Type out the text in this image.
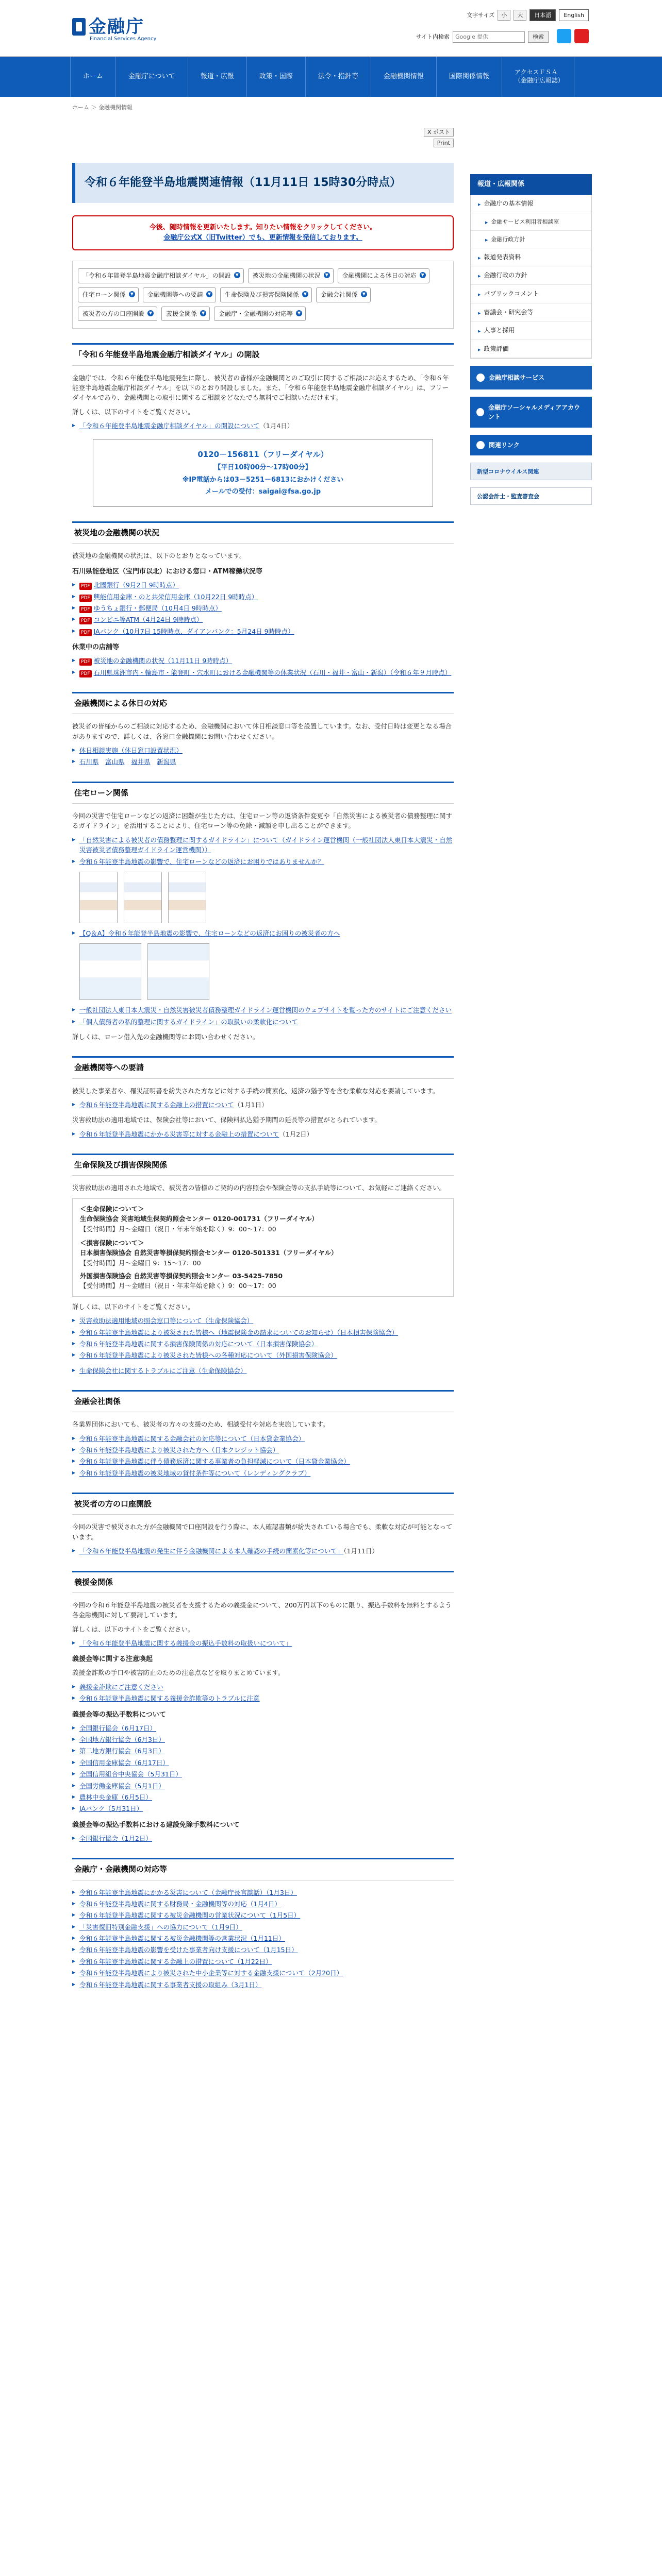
金融庁
Financial Services Agency
文字サイズ	小	大	日本語	English
サイト内検索
Google 提供	検索
ホーム	金融庁について	報道・広報	政策・国際	法令・指針等	金融機関情報	国際関係情報
アクセスＦＳＡ（金融庁広報誌）
ホーム ＞ 金融機関情報
X ポスト
Print
令和６年能登半島地震関連情報（11月11日 15時30分時点）
今後、随時情報を更新いたします。知りたい情報をクリックしてください。
金融庁公式X（旧Twitter）でも、更新情報を発信しております。
「令和６年能登半島地震金融庁相談ダイヤル」の開設 ▼	被災地の金融機関の状況 ▼	金融機関による休日の対応 ▼
住宅ローン関係 ▼	金融機関等への要請 ▼	生命保険及び損害保険関係 ▼	金融会社関係 ▼
被災者の方の口座開設 ▼	義援金関係 ▼	金融庁・金融機関の対応等 ▼
「令和６年能登半島地震金融庁相談ダイヤル」の開設

金融庁では、令和６年能登半島地震発生に際し、被災者の皆様が金融機関とのご取引に関するご相談にお応えするため、「令和６年能登半島地震金融庁相談ダイヤル」を以下のとおり開設しました。また、「令和６年能登半島地震金融庁相談ダイヤル」は、フリーダイヤルであり、金融機関との取引に関するご相談をどなたでも無料でご相談いただけます。

詳しくは、以下のサイトをご覧ください。

▶ 「令和６年能登半島地震金融庁相談ダイヤル」の開設について（1月4日）
0120－156811（フリーダイヤル）
【平日10時00分～17時00分】
※IP電話からは03－5251－6813におかけください
メールでの受付：saigai@fsa.go.jp
被災地の金融機関の状況

被災地の金融機関の状況は、以下のとおりとなっています。

石川県能登地区（宝門市以北）における窓口・ATM稼働状況等
▶ PDF 北國銀行（9月2日 9時時点）
▶ PDF 興能信用金庫・のと共栄信用金庫（10月22日 9時時点）
▶ PDF ゆうちょ銀行・郵便局（10月4日 9時時点）
▶ PDF コンビニ等ATM（4月24日 9時時点）
▶ PDF JAバンク（10月7日 15時時点、ダイアンバンク：5月24日 9時時点）
休業中の店舗等
▶ PDF 被災地の金融機関の状況（11月11日 9時時点）
▶ PDF 石川県珠洲市内・輪島市・能登町・穴水町における金融機関等の休業状況（石川・福井・富山・新潟）（令和６年９月時点）
金融機関による休日の対応

被災者の皆様からのご相談に対応するため、金融機関において休日相談窓口等を設置しています。なお、受付日時は変更となる場合がありますので、詳しくは、各窓口金融機関にお問い合わせください。

▶ 休日相談実施（休日窓口設置状況）
▶ 石川県　 富山県　 福井県　 新潟県
住宅ローン関係

今回の災害で住宅ローンなどの返済に困難が生じた方は、住宅ローン等の返済条件変更や「自然災害による被災者の債務整理に関するガイドライン」を活用することにより、住宅ローン等の免除・減額を申し出ることができます。

▶ 「自然災害による被災者の債務整理に関するガイドライン」について（ガイドライン運営機関（一般社団法人東日本大震災・自然災害被災者債務整理ガイドライン運営機関））
▶ 令和６年能登半島地震の影響で、住宅ローンなどの返済にお困りではありませんか？
▶ 【Q＆A】令和６年能登半島地震の影響で、住宅ローンなどの返済にお困りの被災者の方へ
▶ 一般社団法人東日本大震災・自然災害被災者債務整理ガイドライン運営機関のウェブサイトを覧った方のサイトにご注意ください
▶ 「個人債務者の私的整理に関するガイドライン」の取扱いの柔軟化について

詳しくは、ローン借入先の金融機関等にお問い合わせください。

金融機関等への要請

被災した事業者や、罹災証明書を紛失された方などに対する手続の簡素化、返済の猶予等を含む柔軟な対応を要請しています。

▶ 令和６年能登半島地震に関する金融上の措置について（1月1日）

災害救助法の適用地域では、保険会社等において、保険料払込猶予期間の延長等の措置がとられています。

▶ 令和６年能登半島地震にかかる災害等に対する金融上の措置について（1月2日）
生命保険及び損害保険関係

災害救助法の適用された地域で、被災者の皆様のご契約の内容照会や保険金等の支払手続等について、お気軽にご連絡ください。

＜生命保険について＞
生命保険協会 災害地域生保契約照会センター 0120-001731（フリーダイヤル）
【受付時間】月～金曜日（祝日・年末年始を除く）9：00～17：00
＜損害保険について＞
日本損害保険協会 自然災害等損保契約照会センター 0120-501331（フリーダイヤル）
【受付時間】月～金曜日 9：15～17：00
外国損害保険協会 自然災害等損保契約照会センター 03-5425-7850
【受付時間】月～金曜日（祝日・年末年始を除く）9：00～17：00

詳しくは、以下のサイトをご覧ください。

▶ 災害救助法適用地域の照会窓口等について（生命保険協会）
▶ 令和６年能登半島地震により被災された皆様へ（地震保険金の請求についてのお知らせ）（日本損害保険協会）
▶ 令和６年能登半島地震に関する損害保険関係の対応について（日本損害保険協会）
▶ 令和６年能登半島地震により被災された皆様への各種対応について（外国損害保険協会）
▶ 生命保険会社に関するトラブルにご注意（生命保険協会）
金融会社関係

各業界団体においても、被災者の方々の支援のため、相談受付や対応を実施しています。

▶ 令和６年能登半島地震に関する金融会社の対応等について（日本貸金業協会）
▶ 令和６年能登半島地震により被災された方へ（日本クレジット協会）
▶ 令和６年能登半島地震に伴う債務返済に関する事業者の負担軽減について（日本貸金業協会）
▶ 令和６年能登半島地震の被災地域の貸付条件等について（レンディングクラブ）
被災者の方の口座開設

今回の災害で被災された方が金融機関で口座開設を行う際に、本人確認書類が紛失されている場合でも、柔軟な対応が可能となっています。

▶ 「令和６年能登半島地震の発生に伴う金融機関による本人確認の手続の簡素化等について」（1月11日）
義援金関係

今回の令和６年能登半島地震の被災者を支援するための義援金について、200万円以下のものに限り、振込手数料を無料とするよう各金融機関に対して要請しています。

詳しくは、以下のサイトをご覧ください。

▶ 「令和６年能登半島地震に関する義援金の振込手数料の取扱いについて」
義援金等に関する注意喚起

義援金詐欺の手口や被害防止のための注意点などを取りまとめています。

▶ 義援金詐欺にご注意ください
▶ 令和６年能登半島地震に関する義援金詐欺等のトラブルに注意
義援金等の振込手数料について
▶ 全国銀行協会（6月17日）
▶ 全国地方銀行協会（6月3日）
▶ 第二地方銀行協会（6月3日）
▶ 全国信用金庫協会（6月17日）
▶ 全国信用組合中央協会（5月31日）
▶ 全国労働金庫協会（5月1日）
▶ 農林中央金庫（6月5日）
▶ JAバンク（5月31日）
義援金等の振込手数料における建設免除手数料について
▶ 全国銀行協会（1月2日）
金融庁・金融機関の対応等
▶ 令和６年能登半島地震にかかる災害について（金融庁長官談話）（1月3日）
▶ 令和６年能登半島地震に関する財務局・金融機関等の対応（1月4日）
▶ 令和６年能登半島地震に関する被災金融機関の営業状況について（1月5日）
▶ 「災害復旧特別金融支援」への協力について（1月9日）
▶ 令和６年能登半島地震に関する被災金融機関等の営業状況（1月11日）
▶ 令和６年能登半島地震の影響を受けた事業者向け支援について（1月15日）
▶ 令和６年能登半島地震に関する金融上の措置について（1月22日）
▶ 令和６年能登半島地震により被災された中小企業等に対する金融支援について（2月20日）
▶ 令和６年能登半島地震に関する事業者支援の取組み（3月1日）
報道・広報関係
▶ 金融庁の基本情報
▶ 金融サービス利用者相談室
▶ 金融行政方針
▶ 報道発表資料
▶ 金融行政の方針
▶ パブリックコメント
▶ 審議会・研究会等
▶ 人事と採用
▶ 政策評価
金融庁相談サービス
金融庁ソーシャルメディアアカウント
関連リンク
新型コロナウイルス関連
公認会計士・監査審査会
